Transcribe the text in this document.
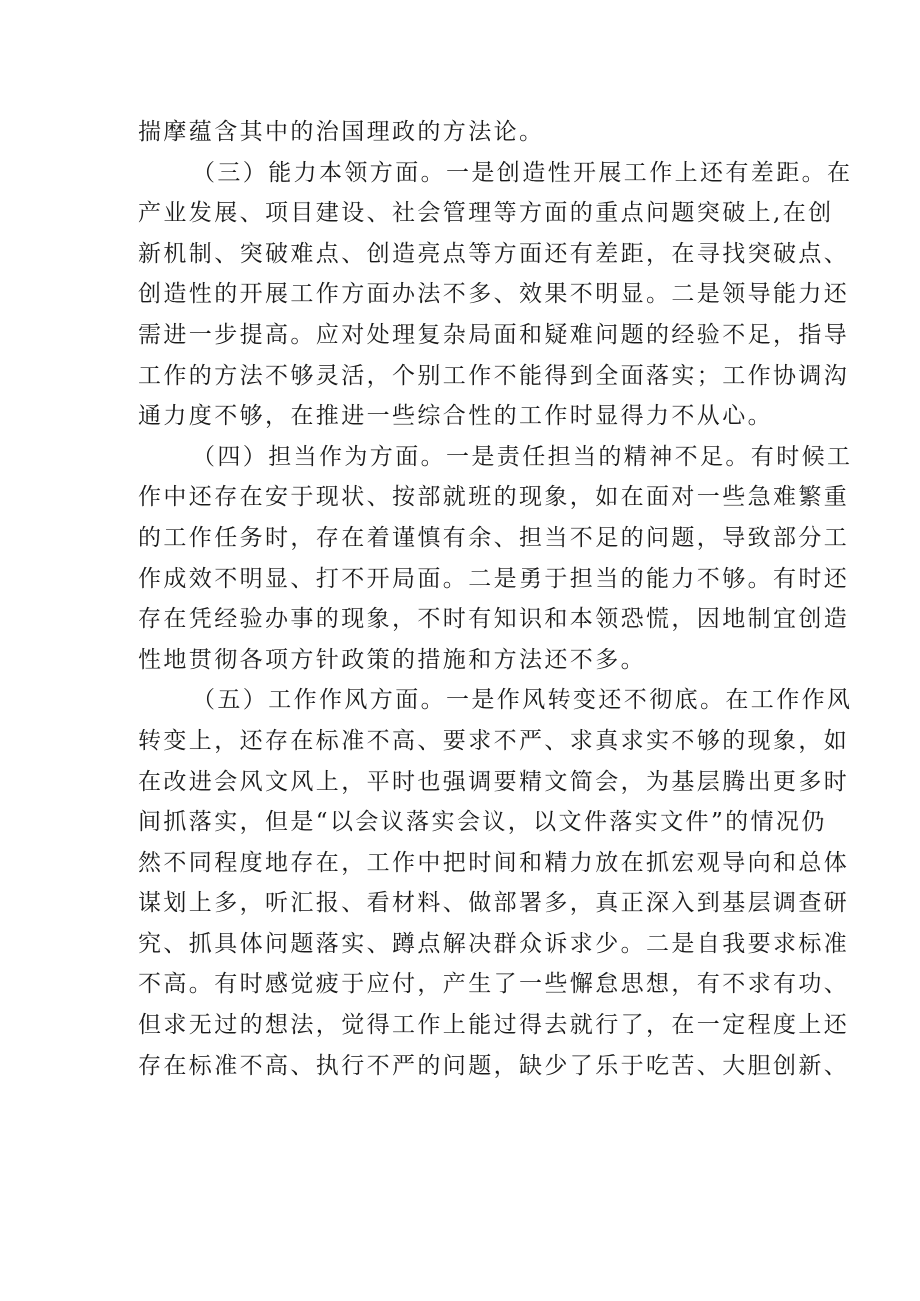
揣摩蕴含其中的治国理政的方法论。
（三）能力本领方面。一是创造性开展工作上还有差距。在
产业发展、项目建设、社会管理等方面的重点问题突破上,在创
新机制、突破难点、创造亮点等方面还有差距，在寻找突破点、
创造性的开展工作方面办法不多、效果不明显。二是领导能力还
需进一步提高。应对处理复杂局面和疑难问题的经验不足，指导
工作的方法不够灵活，个别工作不能得到全面落实；工作协调沟
通力度不够，在推进一些综合性的工作时显得力不从心。
（四）担当作为方面。一是责任担当的精神不足。有时候工
作中还存在安于现状、按部就班的现象，如在面对一些急难繁重
的工作任务时，存在着谨慎有余、担当不足的问题，导致部分工
作成效不明显、打不开局面。二是勇于担当的能力不够。有时还
存在凭经验办事的现象，不时有知识和本领恐慌，因地制宜创造
性地贯彻各项方针政策的措施和方法还不多。
（五）工作作风方面。一是作风转变还不彻底。在工作作风
转变上，还存在标准不高、要求不严、求真求实不够的现象，如
在改进会风文风上，平时也强调要精文简会，为基层腾出更多时
间抓落实，但是“以会议落实会议，以文件落实文件”的情况仍
然不同程度地存在，工作中把时间和精力放在抓宏观导向和总体
谋划上多，听汇报、看材料、做部署多，真正深入到基层调查研
究、抓具体问题落实、蹲点解决群众诉求少。二是自我要求标准
不高。有时感觉疲于应付，产生了一些懈怠思想，有不求有功、
但求无过的想法，觉得工作上能过得去就行了，在一定程度上还
存在标准不高、执行不严的问题，缺少了乐于吃苦、大胆创新、
